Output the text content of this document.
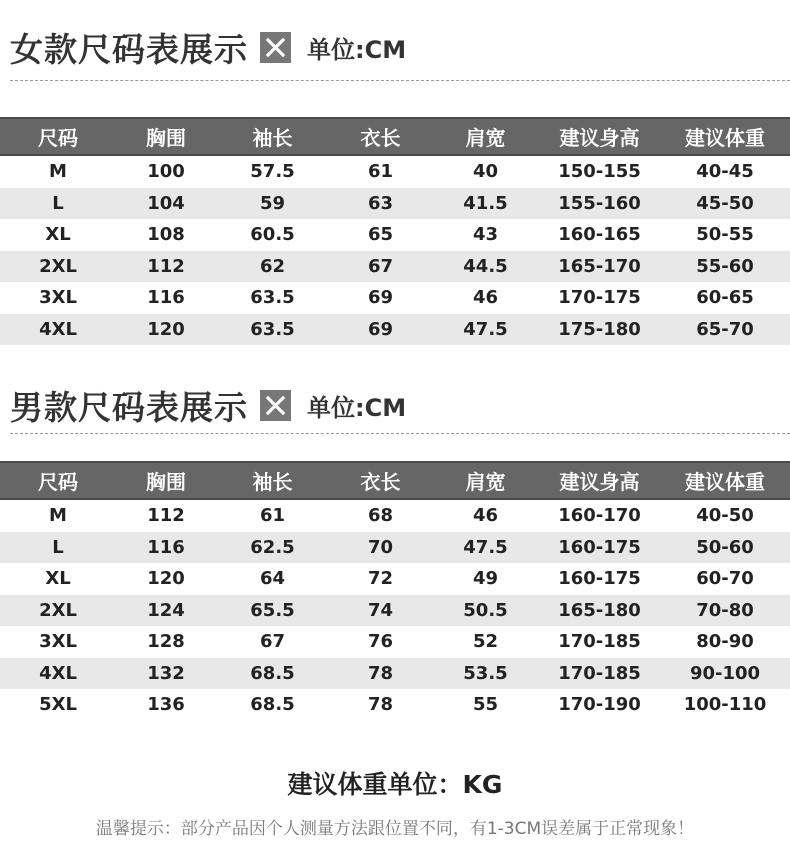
女款尺码表展示 单位:CM
尺码	胸围	袖长	衣长	肩宽	建议身高	建议体重
M	100	57.5	61	40	150-155	40-45
L	104	59	63	41.5	155-160	45-50
XL	108	60.5	65	43	160-165	50-55
2XL	112	62	67	44.5	165-170	55-60
3XL	116	63.5	69	46	170-175	60-65
4XL	120	63.5	69	47.5	175-180	65-70
男款尺码表展示 单位:CM
尺码	胸围	袖长	衣长	肩宽	建议身高	建议体重
M	112	61	68	46	160-170	40-50
L	116	62.5	70	47.5	160-175	50-60
XL	120	64	72	49	160-175	60-70
2XL	124	65.5	74	50.5	165-180	70-80
3XL	128	67	76	52	170-185	80-90
4XL	132	68.5	78	53.5	170-185	90-100
5XL	136	68.5	78	55	170-190	100-110
建议体重单位：KG
温馨提示：部分产品因个人测量方法跟位置不同，有1-3CM误差属于正常现象！
